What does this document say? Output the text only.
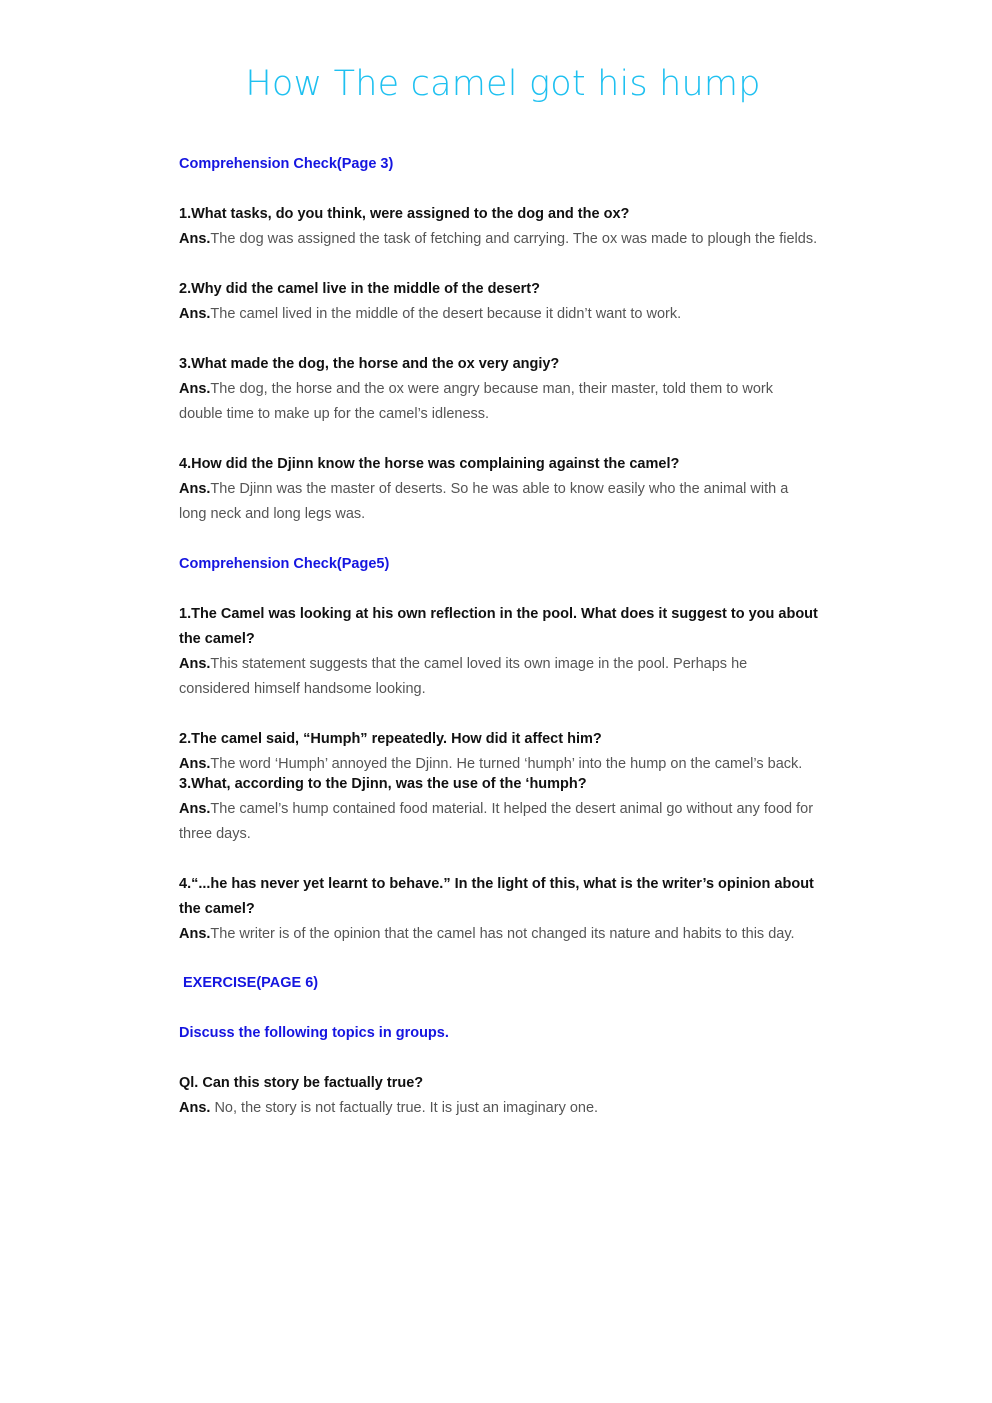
How The camel got his hump

Comprehension Check(Page 3)

1.What tasks, do you think, were assigned to the dog and the ox?

Ans.The dog was assigned the task of fetching and carrying. The ox was made to plough the fields.

2.Why did the camel live in the middle of the desert?

Ans.The camel lived in the middle of the desert because it didn’t want to work.

3.What made the dog, the horse and the ox very angiy?

Ans.The dog, the horse and the ox were angry because man, their master, told them to work double time to make up for the camel’s idleness.

4.How did the Djinn know the horse was complaining against the camel?

Ans.The Djinn was the master of deserts. So he was able to know easily who the animal with a long neck and long legs was.

Comprehension Check(Page5)

1.The Camel was looking at his own reflection in the pool. What does it suggest to you about the camel?

Ans.This statement suggests that the camel loved its own image in the pool. Perhaps he considered himself handsome looking.

2.The camel said, “Humph” repeatedly. How did it affect him?

Ans.The word ‘Humph’ annoyed the Djinn. He turned ‘humph’ into the hump on the camel’s back.

3.What, according to the Djinn, was the use of the ‘humph?

Ans.The camel’s hump contained food material. It helped the desert animal go without any food for three days.

4.“...he has never yet learnt to behave.” In the light of this, what is the writer’s opinion about the camel?

Ans.The writer is of the opinion that the camel has not changed its nature and habits to this day.

EXERCISE(PAGE 6)

Discuss the following topics in groups.

Ql. Can this story be factually true?

Ans. No, the story is not factually true. It is just an imaginary one.
